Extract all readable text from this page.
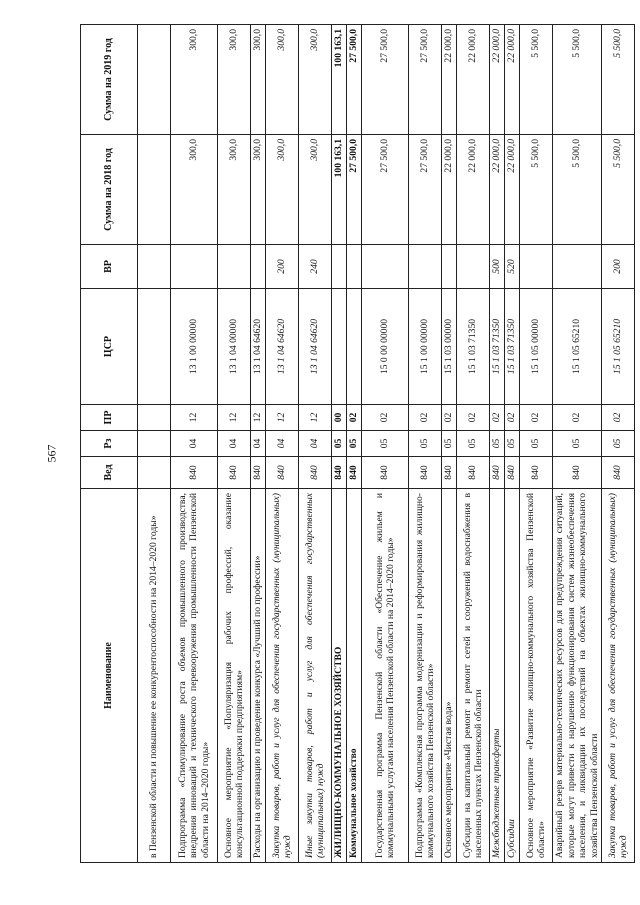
567
Наименование	Вед	Рз	ПР	ЦСР	ВР	Сумма на 2018 год	Сумма на 2019 год
в Пензенской области и повышение ее конкурентоспособности на 2014–2020 годы»							
Подпрограмма «Стимулирование роста объемов промышленного производства, внедрения инноваций и технического перевооружения промышленности Пензенской области на 2014–2020 годы»	840	04	12	13 1 00 00000		300,0	300,0
Основное мероприятие «Популяризация рабочих профессий, оказание консультационной поддержки предприятиям»	840	04	12	13 1 04 00000		300,0	300,0
Расходы на организацию и проведение конкурса «Лучший по профессии»	840	04	12	13 1 04 64620		300,0	300,0
Закупка товаров, работ и услуг для обеспечения государственных (муниципальных) нужд	840	04	12	13 1 04 64620	200	300,0	300,0
Иные закупки товаров, работ и услуг для обеспечения государственных (муниципальных) нужд	840	04	12	13 1 04 64620	240	300,0	300,0
ЖИЛИЩНО-КОММУНАЛЬНОЕ ХОЗЯЙСТВО	840	05	00			100 163,1	100 163,1
Коммунальное хозяйство	840	05	02			27 500,0	27 500,0
Государственная программа Пензенской области «Обеспечение жильем и коммунальными услугами населения Пензенской области на 2014–2020 годы»	840	05	02	15 0 00 00000		27 500,0	27 500,0
Подпрограмма «Комплексная программа модернизации и реформирования жилищно-коммунального хозяйства Пензенской области»	840	05	02	15 1 00 00000		27 500,0	27 500,0
Основное мероприятие «Чистая вода»	840	05	02	15 1 03 00000		22 000,0	22 000,0
Субсидии на капитальный ремонт и ремонт сетей и сооружений водоснабжения в населенных пунктах Пензенской области	840	05	02	15 1 03 71350		22 000,0	22 000,0
Межбюджетные трансферты	840	05	02	15 1 03 71350	500	22 000,0	22 000,0
Субсидии	840	05	02	15 1 03 71350	520	22 000,0	22 000,0
Основное мероприятие «Развитие жилищно-коммунального хозяйства Пензенской области»	840	05	02	15 1 05 00000		5 500,0	5 500,0
Аварийный резерв материально-технических ресурсов для предупреждения ситуаций, которые могут привести к нарушению функционирования систем жизнеобеспечения населения, и ликвидации их последствий на объектах жилищно-коммунального хозяйства Пензенской области	840	05	02	15 1 05 65210		5 500,0	5 500,0
Закупка товаров, работ и услуг для обеспечения государственных (муниципальных) нужд	840	05	02	15 1 05 65210	200	5 500,0	5 500,0
